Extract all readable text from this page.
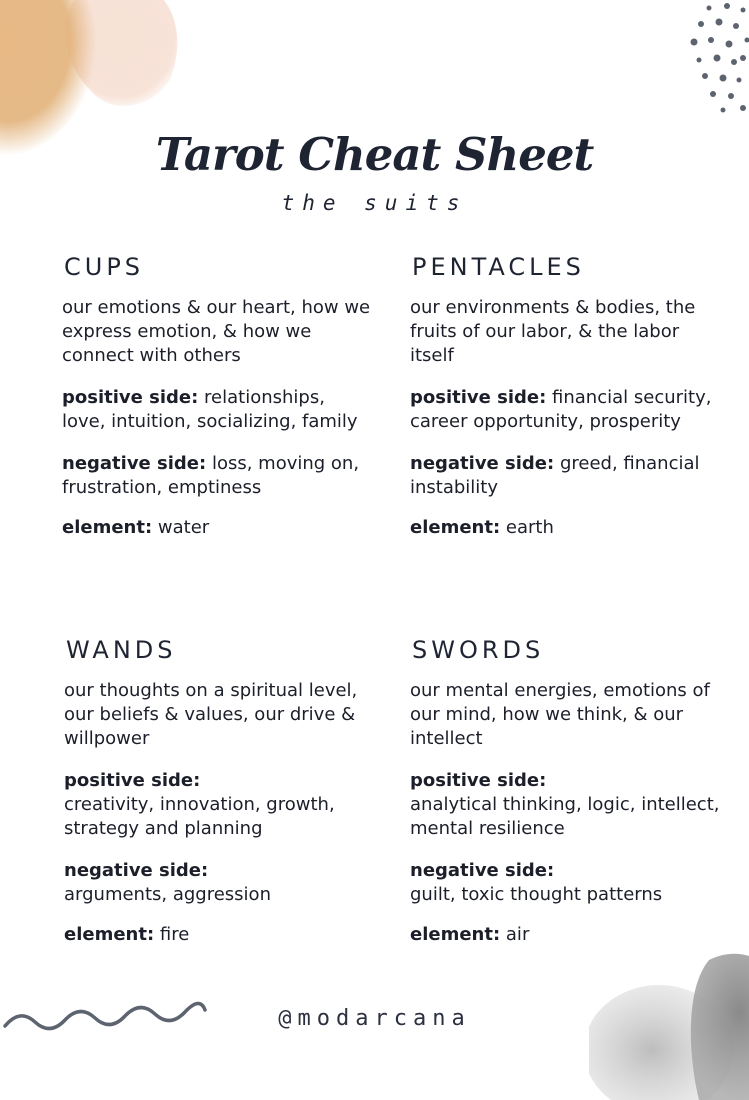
Tarot Cheat Sheet
the suits
CUPS

our emotions & our heart, how we express emotion, & how we connect with others

positive side: relationships, love, intuition, socializing, family

negative side: loss, moving on, frustration, emptiness

element: water

PENTACLES

our environments & bodies, the fruits of our labor, & the labor itself

positive side: financial security, career opportunity, prosperity

negative side: greed, financial instability

element: earth

WANDS

our thoughts on a spiritual level, our beliefs & values, our drive & willpower

positive side:
creativity, innovation, growth, strategy and planning

negative side:
arguments, aggression

element: fire

SWORDS

our mental energies, emotions of our mind, how we think, & our intellect

positive side:
analytical thinking, logic, intellect, mental resilience

negative side:
guilt, toxic thought patterns

element: air

@modarcana
